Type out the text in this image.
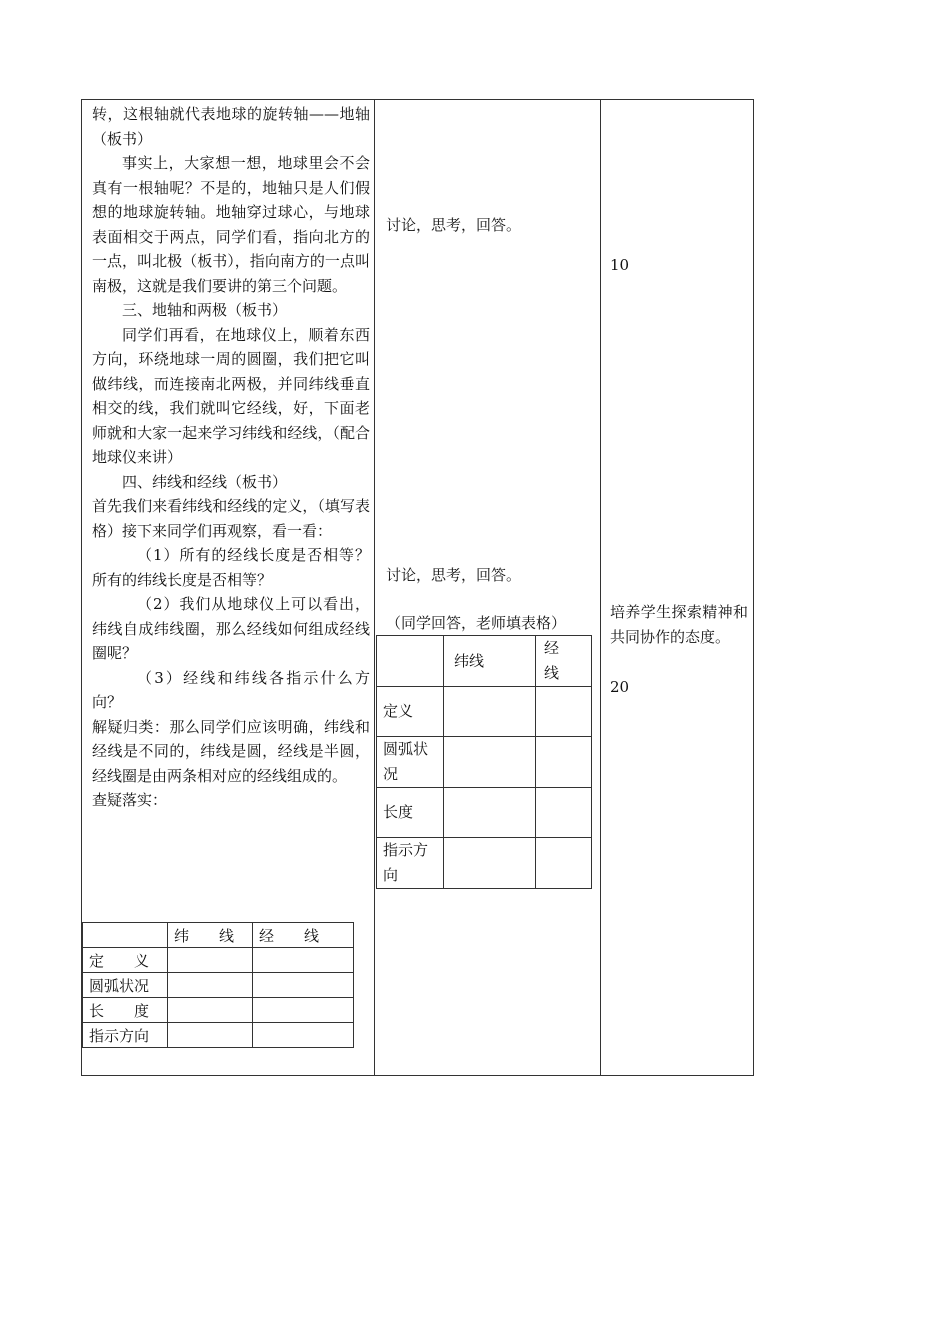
转，这根轴就代表地球的旋转轴——地轴（板书）

事实上，大家想一想，地球里会不会真有一根轴呢？不是的，地轴只是人们假想的地球旋转轴。地轴穿过球心，与地球表面相交于两点，同学们看，指向北方的一点，叫北极（板书），指向南方的一点叫南极，这就是我们要讲的第三个问题。

三、地轴和两极（板书）

同学们再看，在地球仪上，顺着东西方向，环绕地球一周的圆圈，我们把它叫做纬线，而连接南北两极，并同纬线垂直相交的线，我们就叫它经线，好，下面老师就和大家一起来学习纬线和经线，（配合地球仪来讲）

四、纬线和经线（板书）

首先我们来看纬线和经线的定义，（填写表格）接下来同学们再观察，看一看：

（1）所有的经线长度是否相等？所有的纬线长度是否相等？

（2）我们从地球仪上可以看出，纬线自成纬线圈，那么经线如何组成经线圈呢？

（3）经线和纬线各指示什么方向？

解疑归类：那么同学们应该明确，纬线和经线是不同的，纬线是圆，经线是半圆，经线圈是由两条相对应的经线组成的。

查疑落实：

	纬　　线	经　　线
定　　义		
圆弧状况		
长　　度		
指示方向		
讨论，思考，回答。
讨论，思考，回答。
（同学回答，老师填表格）
	纬线	经线
定义		
圆弧状况		
长度		
指示方向		
10
培养学生探索精神和共同协作的态度。
20
